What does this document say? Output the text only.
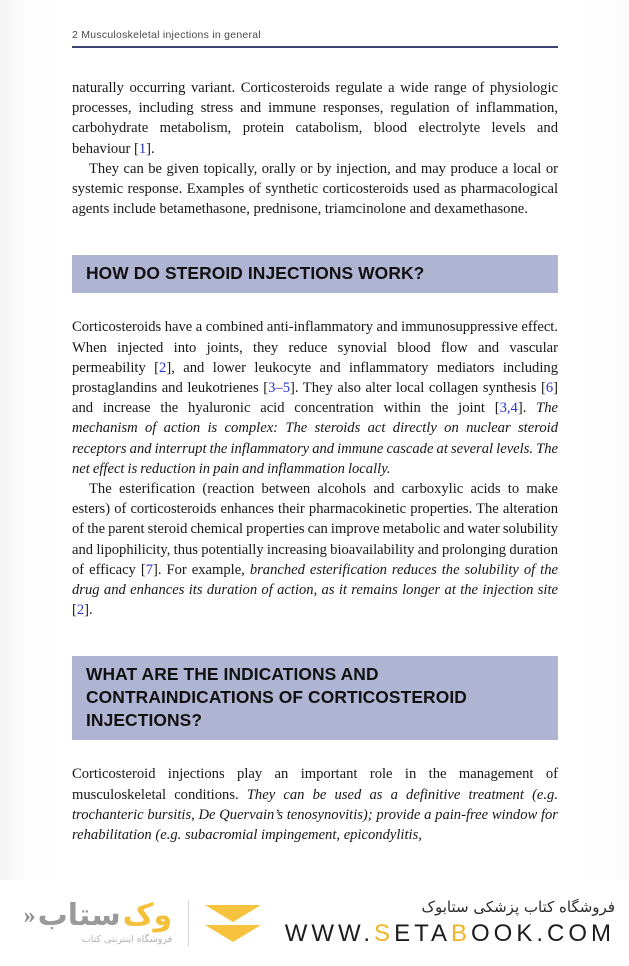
2 Musculoskeletal injections in general

naturally occurring variant. Corticosteroids regulate a wide range of physiologic processes, including stress and immune responses, regulation of inflammation, carbohydrate metabolism, protein catabolism, blood electrolyte levels and behaviour [1].

They can be given topically, orally or by injection, and may produce a local or systemic response. Examples of synthetic corticosteroids used as pharmacological agents include betamethasone, prednisone, triamcinolone and dexamethasone.

HOW DO STEROID INJECTIONS WORK?

Corticosteroids have a combined anti-inflammatory and immunosuppressive effect. When injected into joints, they reduce synovial blood flow and vascular permeability [2], and lower leukocyte and inflammatory mediators including prostaglandins and leukotrienes [3–5]. They also alter local collagen synthesis [6] and increase the hyaluronic acid concentration within the joint [3,4]. The mechanism of action is complex: The steroids act directly on nuclear steroid receptors and interrupt the inflammatory and immune cascade at several levels. The net effect is reduction in pain and inflammation locally.

The esterification (reaction between alcohols and carboxylic acids to make esters) of corticosteroids enhances their pharmacokinetic properties. The alteration of the parent steroid chemical properties can improve metabolic and water solubility and lipophilicity, thus potentially increasing bioavailability and prolonging duration of efficacy [7]. For example, branched esterification reduces the solubility of the drug and enhances its duration of action, as it remains longer at the injection site [2].

WHAT ARE THE INDICATIONS AND
CONTRAINDICATIONS OF CORTICOSTEROID
INJECTIONS?

Corticosteroid injections play an important role in the management of musculoskeletal conditions. They can be used as a definitive treatment (e.g. trochanteric bursitis, De Quervain’s tenosynovitis); provide a pain-free window for rehabilitation (e.g. subacromial impingement, epicondylitis,

وک
ستاب
«
فروشگاه اینترنتی کتاب
فروشگاه کتاب پزشکی ستابوک
WWW.SETABOOK.COM
